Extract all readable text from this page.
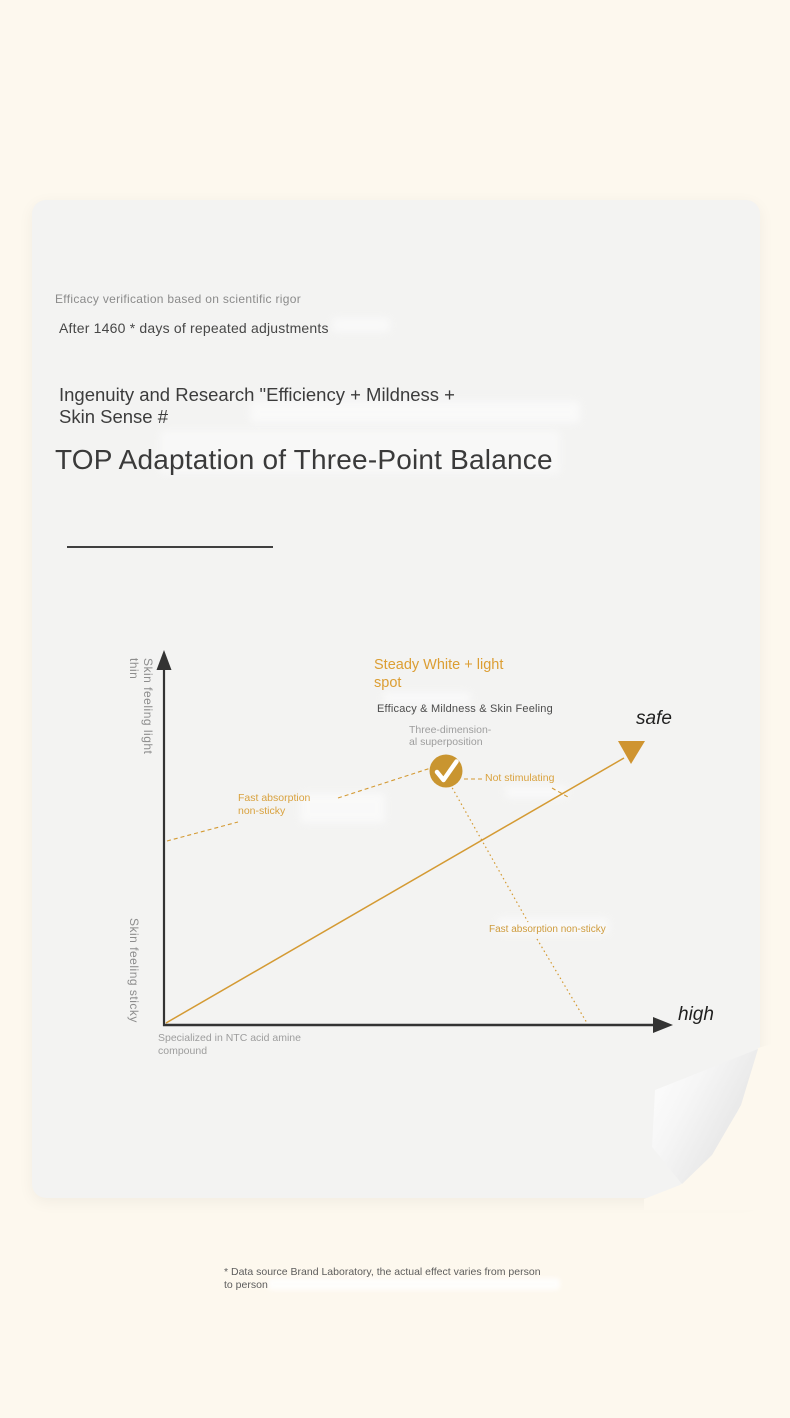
Efficacy verification based on scientific rigor
After 1460 * days of repeated adjustments
Ingenuity and Research "Efficiency + Mildness +
Skin Sense #
TOP Adaptation of Three-Point Balance
Skin feeling light
thin
Skin feeling sticky
Steady White + light
spot
Efficacy & Mildness & Skin Feeling
Three-dimension-
al superposition
Not stimulating
Fast absorption
non-sticky
Fast absorption non-sticky
safe
high
Specialized in NTC acid amine
compound
* Data source Brand Laboratory, the actual effect varies from person
to person
